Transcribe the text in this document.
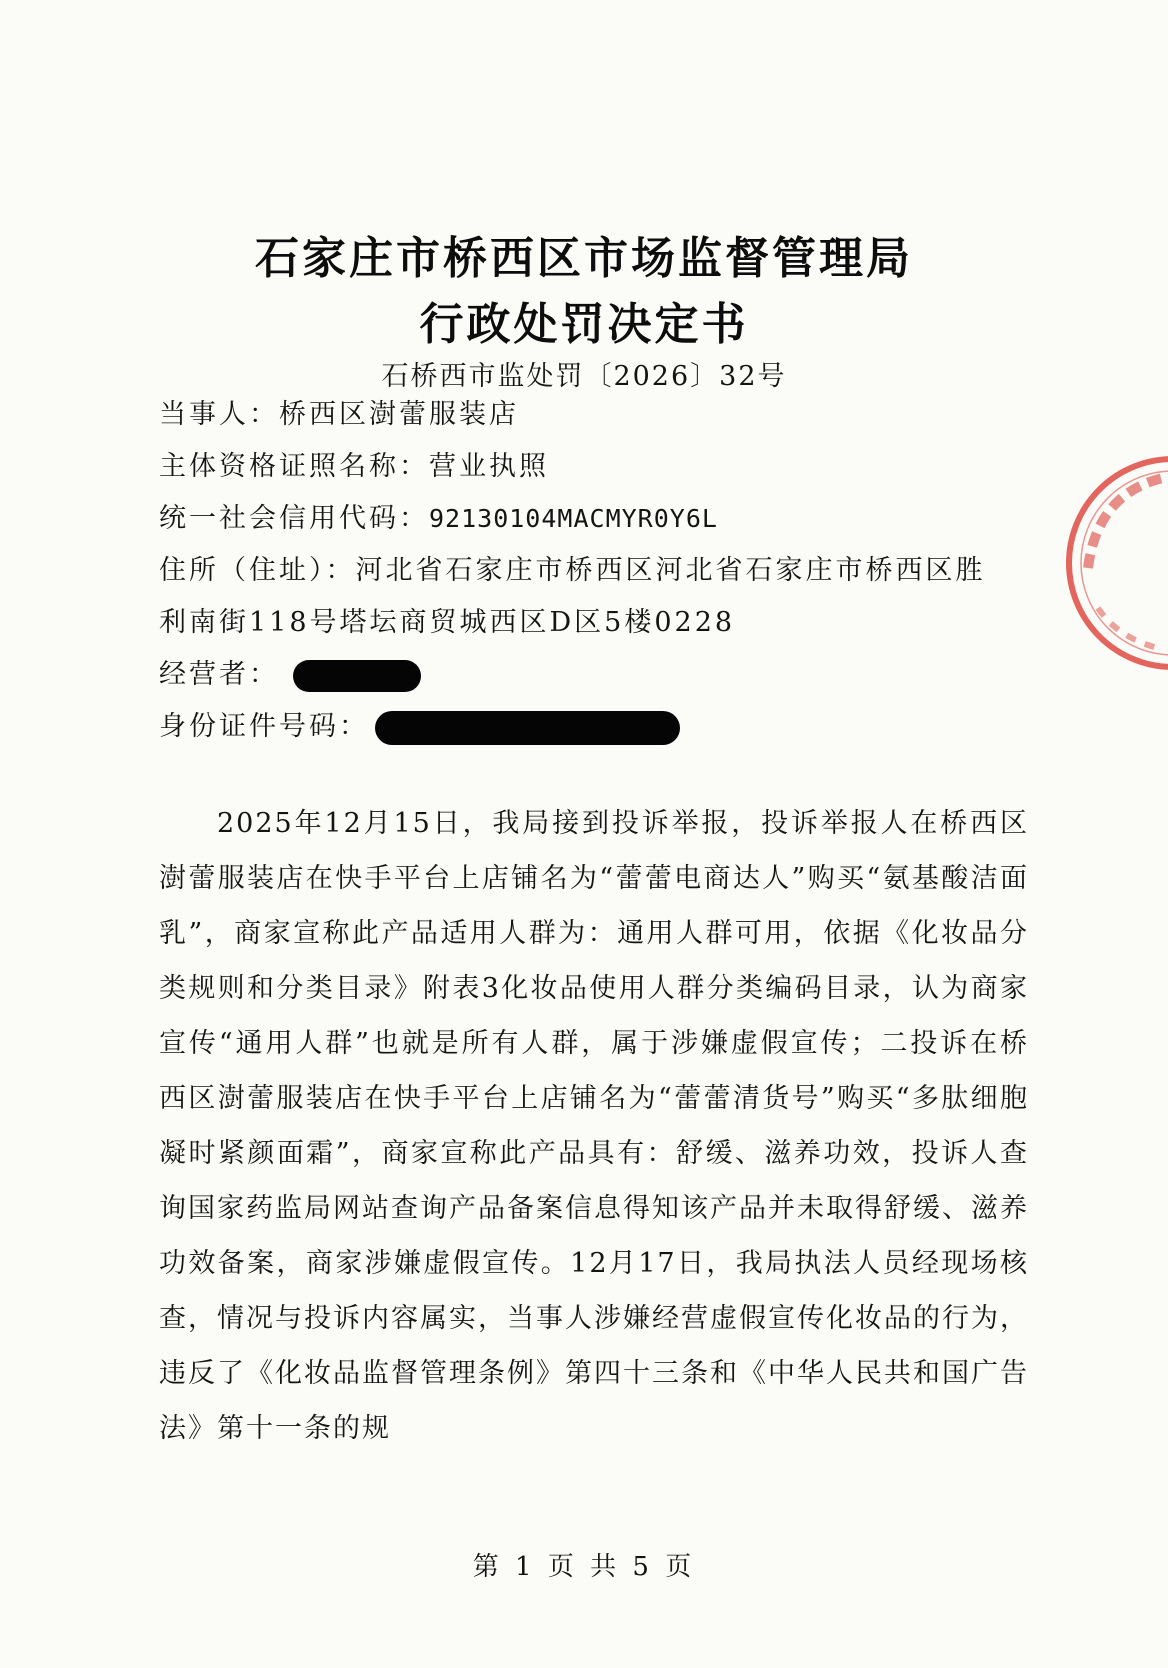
石家庄市桥西区市场监督管理局
行政处罚决定书
石桥西市监处罚〔2026〕32号
当事人：桥西区澍蕾服装店
主体资格证照名称：营业执照
统一社会信用代码：92130104MACMYR0Y6L
住所（住址）：河北省石家庄市桥西区河北省石家庄市桥西区胜
利南街118号塔坛商贸城西区D区5楼0228
经营者：
身份证件号码：
2025年12月15日，我局接到投诉举报，投诉举报人在桥西区澍蕾服装店在快手平台上店铺名为“蕾蕾电商达人”购买“氨基酸洁面乳”，商家宣称此产品适用人群为：通用人群可用，依据《化妆品分类规则和分类目录》附表3化妆品使用人群分类编码目录，认为商家宣传“通用人群”也就是所有人群，属于涉嫌虚假宣传；二投诉在桥西区澍蕾服装店在快手平台上店铺名为“蕾蕾清货号”购买“多肽细胞凝时紧颜面霜”，商家宣称此产品具有：舒缓、滋养功效，投诉人查询国家药监局网站查询产品备案信息得知该产品并未取得舒缓、滋养功效备案，商家涉嫌虚假宣传。12月17日，我局执法人员经现场核查，情况与投诉内容属实，当事人涉嫌经营虚假宣传化妆品的行为，违反了《化妆品监督管理条例》第四十三条和《中华人民共和国广告法》第十一条的规
第 1 页 共 5 页
